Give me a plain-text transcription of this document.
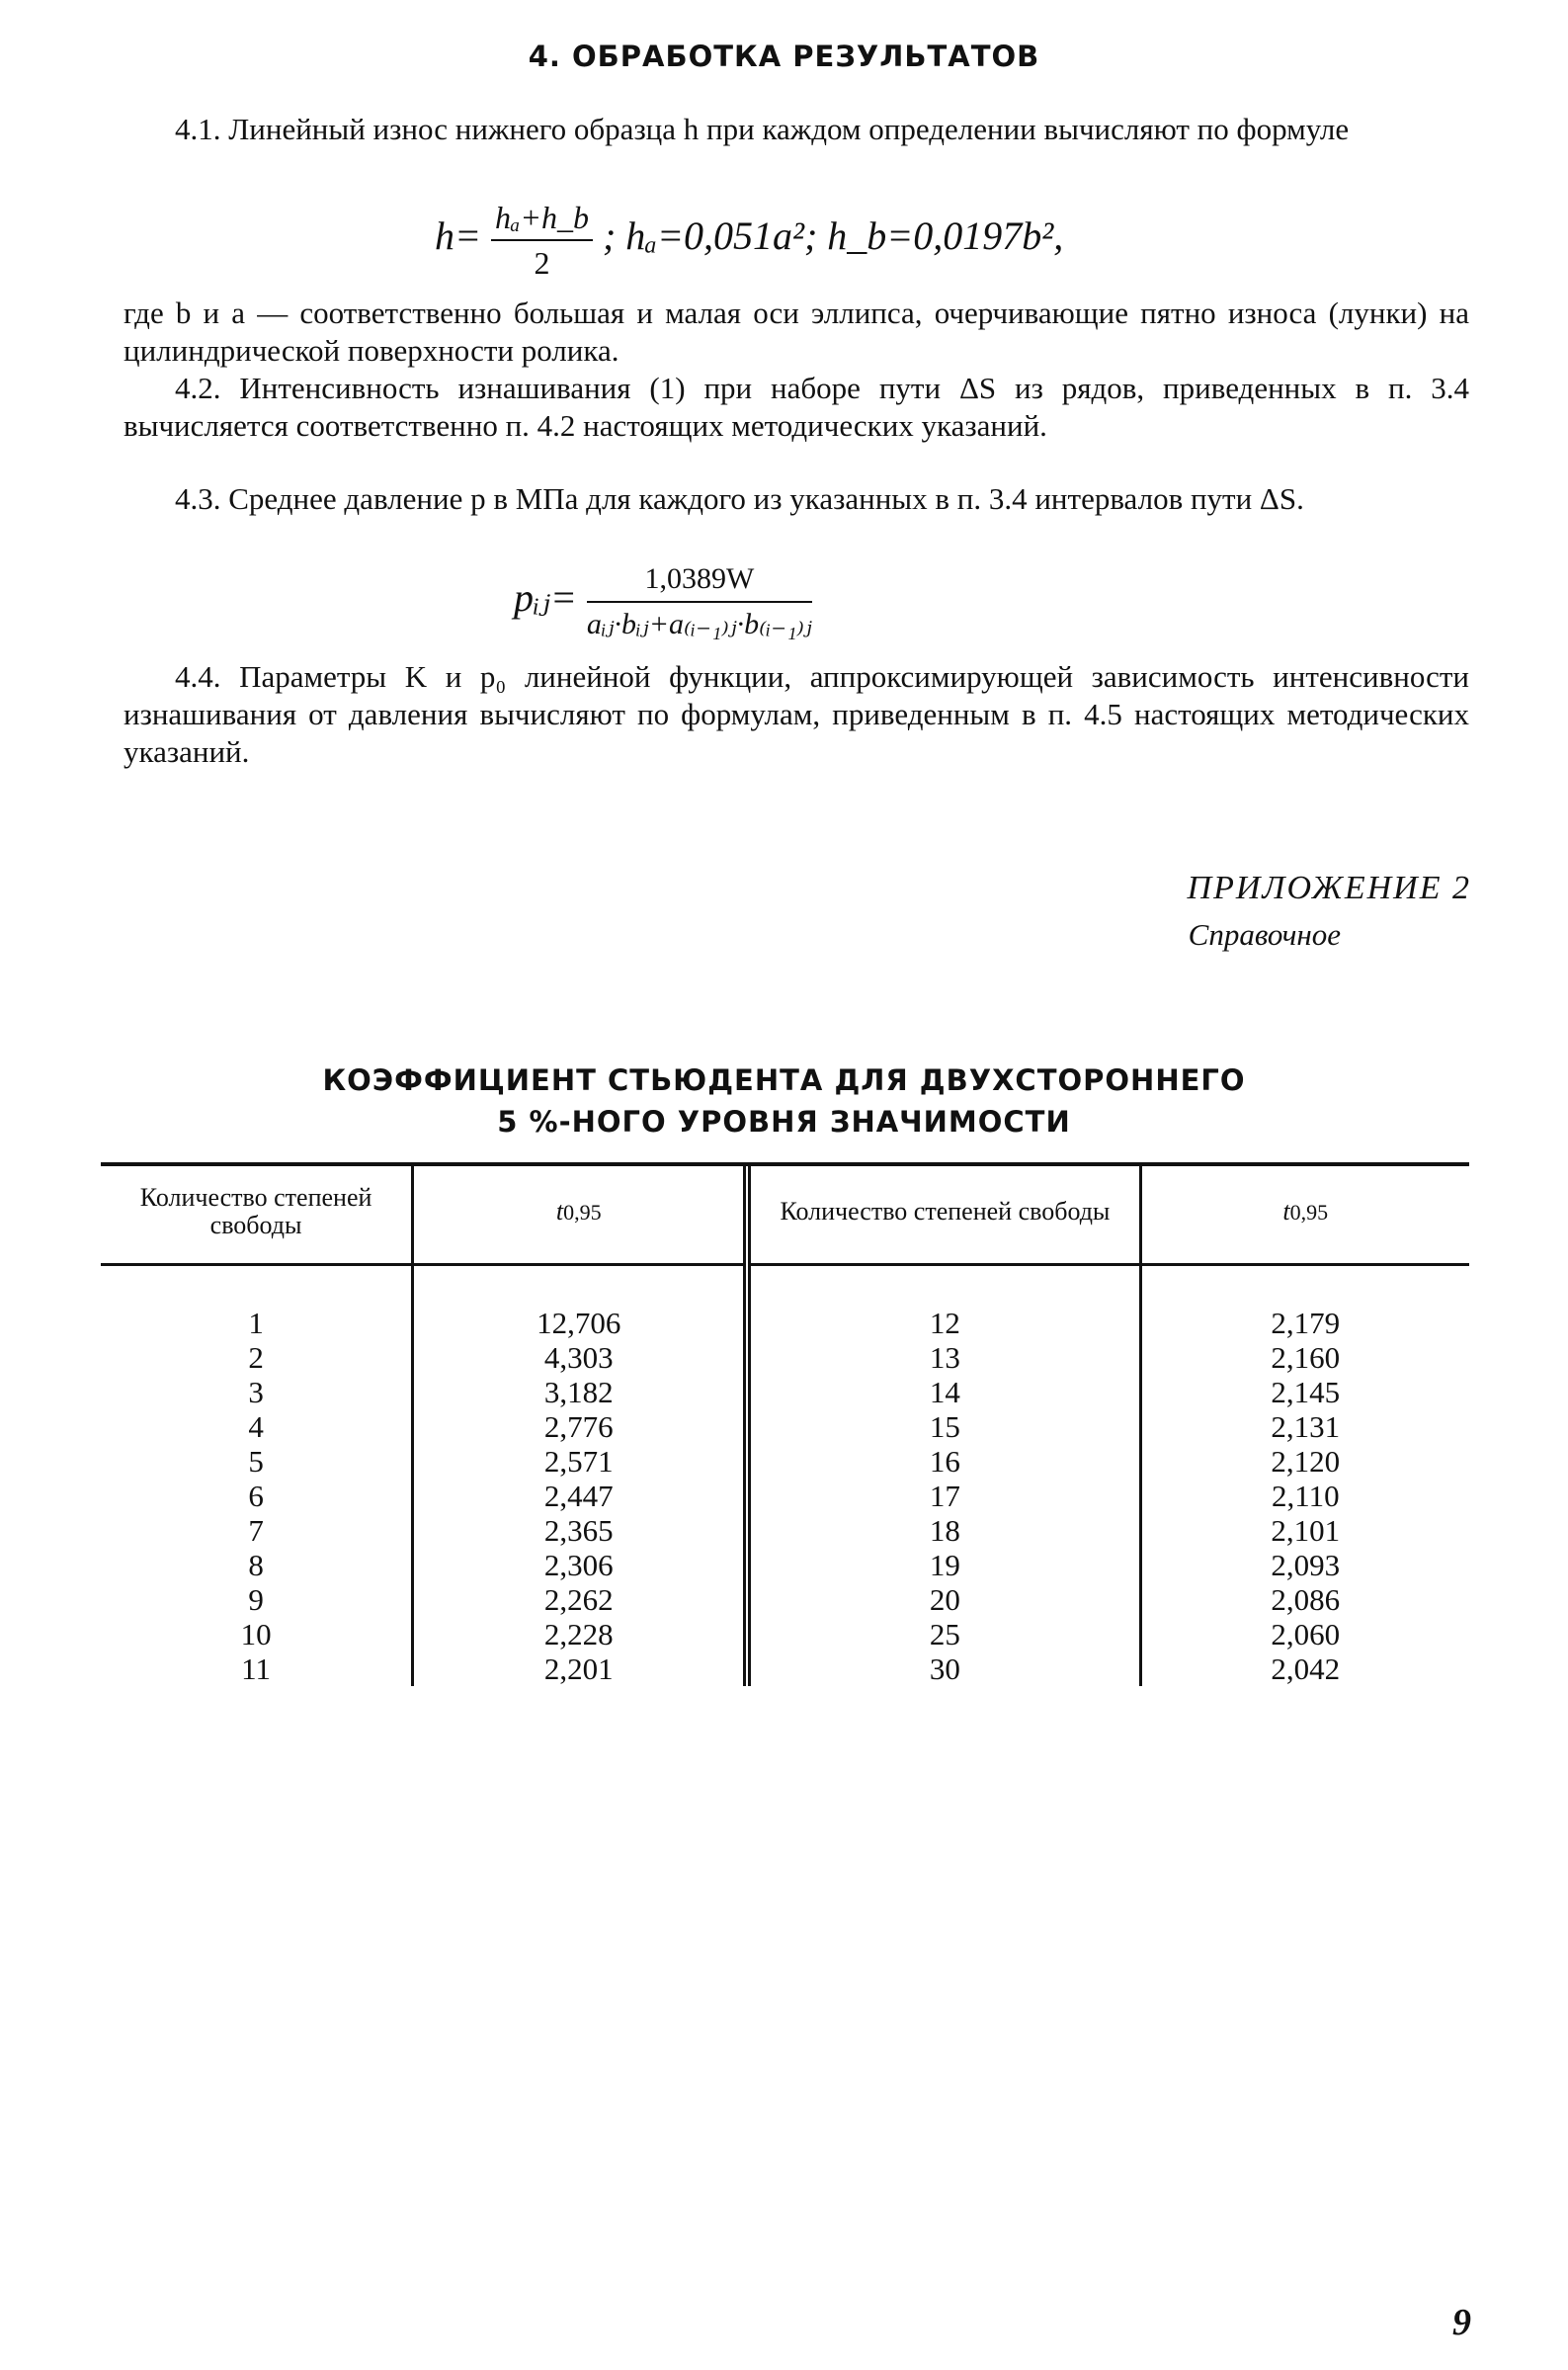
4. ОБРАБОТКА РЕЗУЛЬТАТОВ

4.1. Линейный износ нижнего образца h при каждом определении вычисляют по формуле

$h= \frac{\text{hₐ+h\_b}}{2}$ ; hₐ=0,051a²; h_b=0,0197b²,

где b и a — соответственно большая и малая оси эллипса, очерчивающие пятно износа (лунки) на цилиндрической поверхности ролика.

4.2. Интенсивность изнашивания (1) при наборе пути ΔS из рядов, приведенных в п. 3.4 вычисляется соответственно п. 4.2 настоящих методических указаний.

4.3. Среднее давление p в МПа для каждого из указанных в п. 3.4 интервалов пути ΔS.

pᵢⱼ= $\frac{1,0389W}{\text{aᵢⱼ·bᵢⱼ+a₍ᵢ₋₁₎ⱼ·b₍ᵢ₋₁₎ⱼ}}$

4.4. Параметры K и p₀ линейной функции, аппроксимирующей зависимость интенсивности изнашивания от давления вычисляют по формулам, приведенным в п. 4.5 настоящих методических указаний.

ПРИЛОЖЕНИЕ 2
Справочное
КОЭФФИЦИЕНТ СТЬЮДЕНТА ДЛЯ ДВУХСТОРОННЕГО
5 %-НОГО УРОВНЯ ЗНАЧИМОСТИ

Количество степеней свободы	t0,95	Количество степеней свободы	t0,95

1	12,706	12	2,179
2	4,303	13	2,160
3	3,182	14	2,145
4	2,776	15	2,131
5	2,571	16	2,120
6	2,447	17	2,110
7	2,365	18	2,101
8	2,306	19	2,093
9	2,262	20	2,086
10	2,228	25	2,060
11	2,201	30	2,042
9
